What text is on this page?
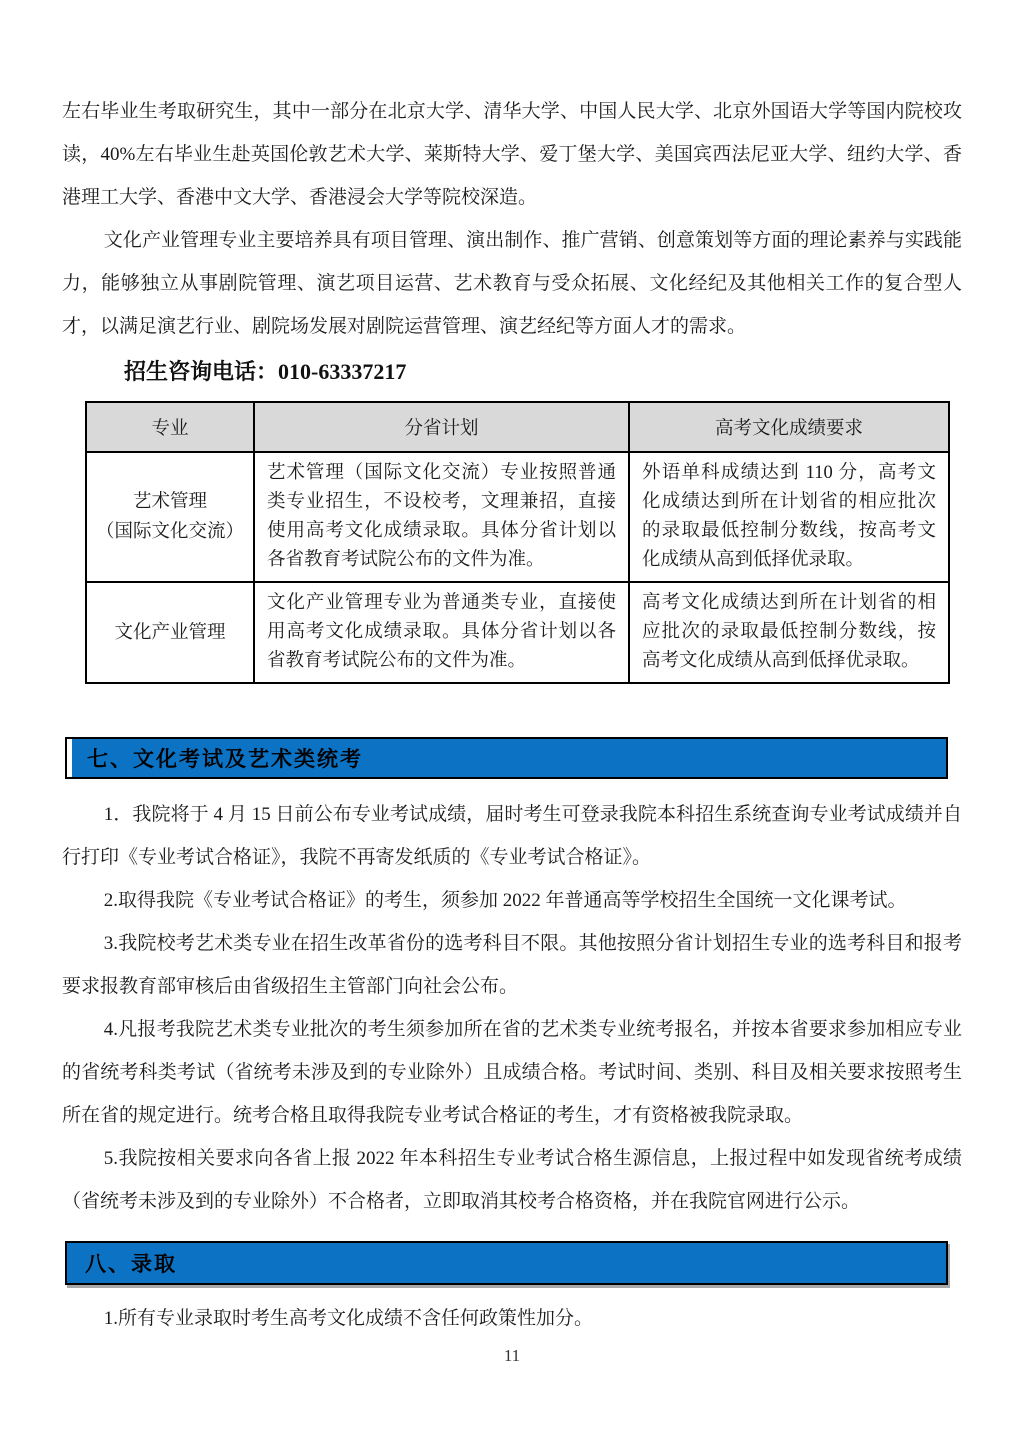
左右毕业生考取研究生，其中一部分在北京大学、清华大学、中国人民大学、北京外国语大学等国内院校攻读，40%左右毕业生赴英国伦敦艺术大学、莱斯特大学、爱丁堡大学、美国宾西法尼亚大学、纽约大学、香港理工大学、香港中文大学、香港浸会大学等院校深造。

文化产业管理专业主要培养具有项目管理、演出制作、推广营销、创意策划等方面的理论素养与实践能力，能够独立从事剧院管理、演艺项目运营、艺术教育与受众拓展、文化经纪及其他相关工作的复合型人才，以满足演艺行业、剧院场发展对剧院运营管理、演艺经纪等方面人才的需求。

招生咨询电话：010-63337217

专业	分省计划	高考文化成绩要求

艺术管理
（国际文化交流）	艺术管理（国际文化交流）专业按照普通类专业招生，不设校考，文理兼招，直接使用高考文化成绩录取。具体分省计划以各省教育考试院公布的文件为准。	外语单科成绩达到 110 分，高考文化成绩达到所在计划省的相应批次的录取最低控制分数线，按高考文化成绩从高到低择优录取。

文化产业管理	文化产业管理专业为普通类专业，直接使用高考文化成绩录取。具体分省计划以各省教育考试院公布的文件为准。	高考文化成绩达到所在计划省的相应批次的录取最低控制分数线，按高考文化成绩从高到低择优录取。
七、文化考试及艺术类统考

1．我院将于 4 月 15 日前公布专业考试成绩，届时考生可登录我院本科招生系统查询专业考试成绩并自行打印《专业考试合格证》，我院不再寄发纸质的《专业考试合格证》。

2.取得我院《专业考试合格证》的考生，须参加 2022 年普通高等学校招生全国统一文化课考试。

3.我院校考艺术类专业在招生改革省份的选考科目不限。其他按照分省计划招生专业的选考科目和报考要求报教育部审核后由省级招生主管部门向社会公布。

4.凡报考我院艺术类专业批次的考生须参加所在省的艺术类专业统考报名，并按本省要求参加相应专业的省统考科类考试（省统考未涉及到的专业除外）且成绩合格。考试时间、类别、科目及相关要求按照考生所在省的规定进行。统考合格且取得我院专业考试合格证的考生，才有资格被我院录取。

5.我院按相关要求向各省上报 2022 年本科招生专业考试合格生源信息，上报过程中如发现省统考成绩（省统考未涉及到的专业除外）不合格者，立即取消其校考合格资格，并在我院官网进行公示。

八、录取

1.所有专业录取时考生高考文化成绩不含任何政策性加分。

11
